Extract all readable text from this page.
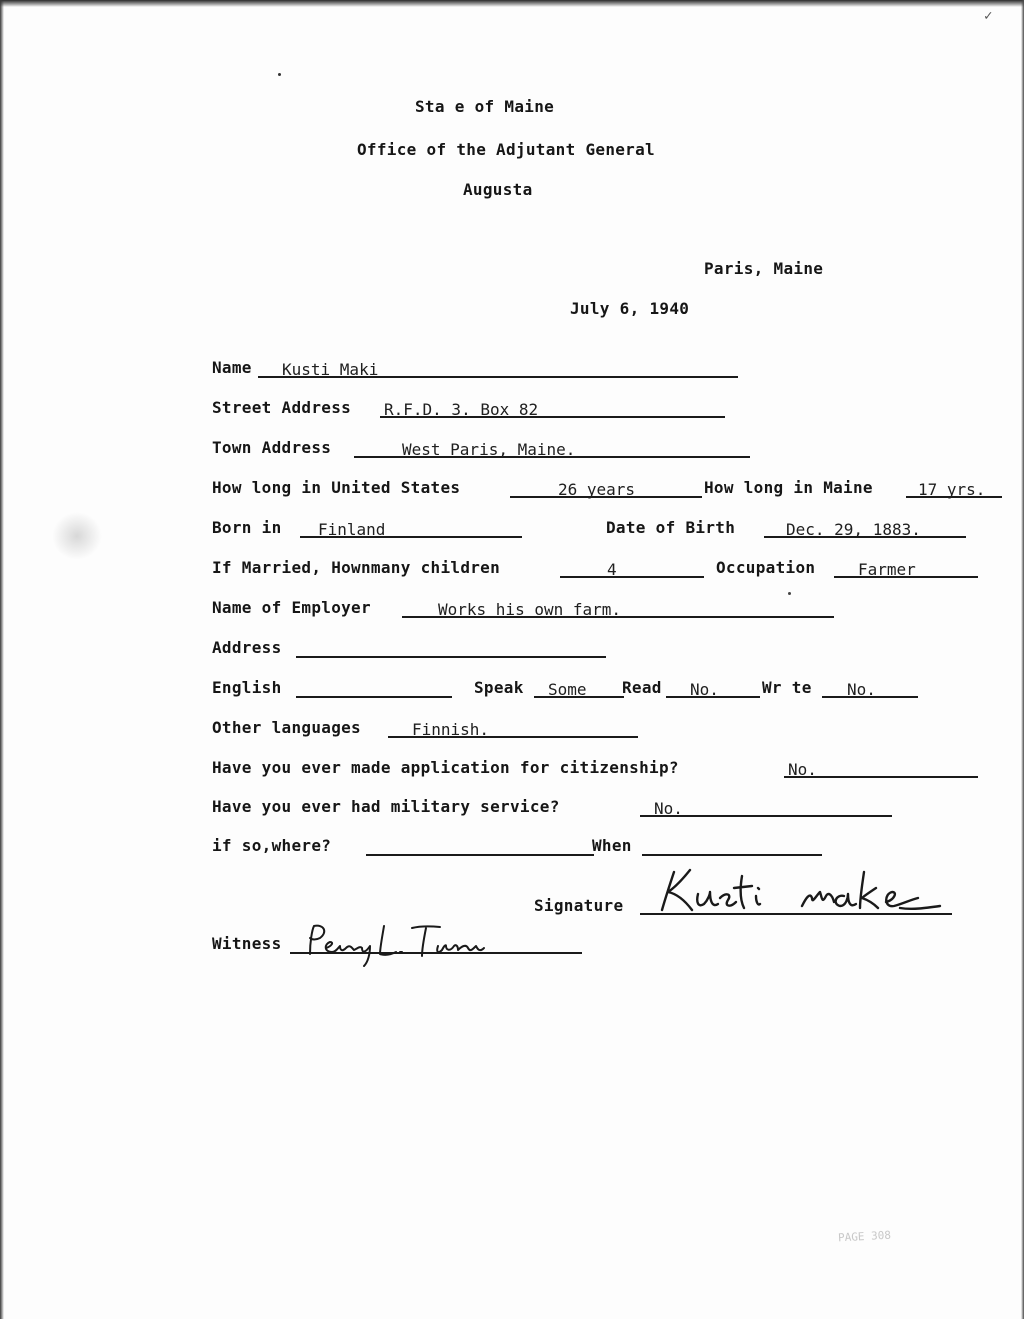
✓
Sta e of Maine
Office of the Adjutant General
Augusta
Paris, Maine
July 6, 1940
Name Kusti Maki
Street Address R.F.D. 3. Box 82
Town Address	West Paris, Maine.
How long in United States	26 years	How long in Maine	17 yrs.
Born in Finland	Date of Birth	Dec. 29, 1883.
If Married, Hownmany children	4	Occupation	Farmer
Name of Employer	Works his own farm.
Address
English	Speak Some Read No.	Wr te No.
Other languages	Finnish.
Have you ever made application for citizenship?	No.
Have you ever had military service?	No.
if so,where?	When
Signature
Witness
PAGE 308
